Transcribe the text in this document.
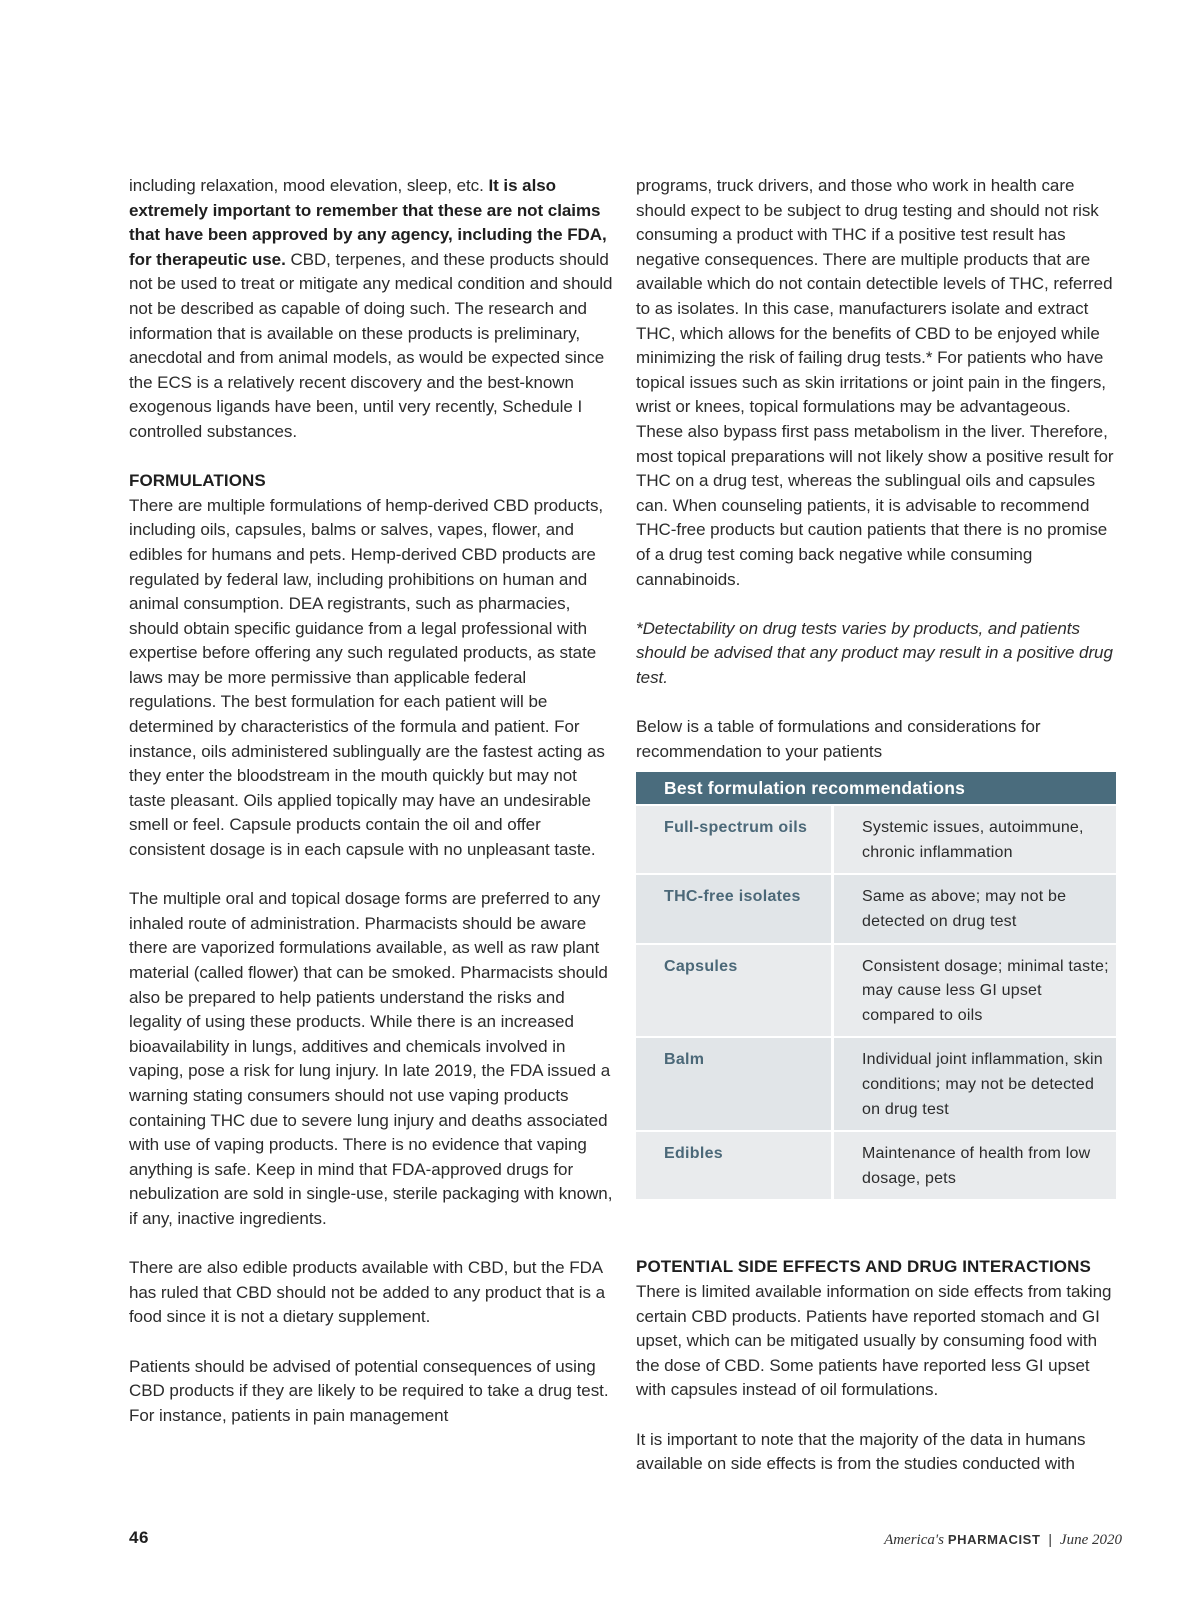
including relaxation, mood elevation, sleep, etc. It is also extremely important to remember that these are not claims that have been approved by any agency, including the FDA, for therapeutic use. CBD, terpenes, and these products should not be used to treat or mitigate any medical condition and should not be described as capable of doing such. The research and information that is available on these products is preliminary, anecdotal and from animal models, as would be expected since the ECS is a relatively recent discovery and the best-known exogenous ligands have been, until very recently, Schedule I controlled substances.

FORMULATIONS

There are multiple formulations of hemp-derived CBD products, including oils, capsules, balms or salves, vapes, flower, and edibles for humans and pets. Hemp-derived CBD products are regulated by federal law, including prohibitions on human and animal consumption. DEA registrants, such as pharmacies, should obtain specific guidance from a legal professional with expertise before offering any such regulated products, as state laws may be more permissive than applicable federal regulations. The best formulation for each patient will be determined by characteristics of the formula and patient. For instance, oils administered sublingually are the fastest acting as they enter the bloodstream in the mouth quickly but may not taste pleasant. Oils applied topically may have an undesirable smell or feel. Capsule products contain the oil and offer consistent dosage is in each capsule with no unpleasant taste.

The multiple oral and topical dosage forms are preferred to any inhaled route of administration. Pharmacists should be aware there are vaporized formulations available, as well as raw plant material (called flower) that can be smoked. Pharmacists should also be prepared to help patients understand the risks and legality of using these products. While there is an increased bioavailability in lungs, additives and chemicals involved in vaping, pose a risk for lung injury. In late 2019, the FDA issued a warning stating consumers should not use vaping products containing THC due to severe lung injury and deaths associated with use of vaping products. There is no evidence that vaping anything is safe. Keep in mind that FDA-approved drugs for nebulization are sold in single-use, sterile packaging with known, if any, inactive ingredients.

There are also edible products available with CBD, but the FDA has ruled that CBD should not be added to any product that is a food since it is not a dietary supplement.

Patients should be advised of potential consequences of using CBD products if they are likely to be required to take a drug test. For instance, patients in pain management

programs, truck drivers, and those who work in health care should expect to be subject to drug testing and should not risk consuming a product with THC if a positive test result has negative consequences. There are multiple products that are available which do not contain detectible levels of THC, referred to as isolates. In this case, manufacturers isolate and extract THC, which allows for the benefits of CBD to be enjoyed while minimizing the risk of failing drug tests.* For patients who have topical issues such as skin irritations or joint pain in the fingers, wrist or knees, topical formulations may be advantageous. These also bypass first pass metabolism in the liver. Therefore, most topical preparations will not likely show a positive result for THC on a drug test, whereas the sublingual oils and capsules can. When counseling patients, it is advisable to recommend THC-free products but caution patients that there is no promise of a drug test coming back negative while consuming cannabinoids.

*Detectability on drug tests varies by products, and patients should be advised that any product may result in a positive drug test.

Below is a table of formulations and considerations for recommendation to your patients

Best formulation recommendations
Full-spectrum oils	Systemic issues, autoimmune, chronic inflammation
THC-free isolates	Same as above; may not be detected on drug test
Capsules	Consistent dosage; minimal taste; may cause less GI upset compared to oils
Balm	Individual joint inflammation, skin conditions; may not be detected on drug test
Edibles	Maintenance of health from low dosage, pets
POTENTIAL SIDE EFFECTS AND DRUG INTERACTIONS

There is limited available information on side effects from taking certain CBD products. Patients have reported stomach and GI upset, which can be mitigated usually by consuming food with the dose of CBD. Some patients have reported less GI upset with capsules instead of oil formulations.

It is important to note that the majority of the data in humans available on side effects is from the studies conducted with

46	America's PHARMACIST | June 2020
